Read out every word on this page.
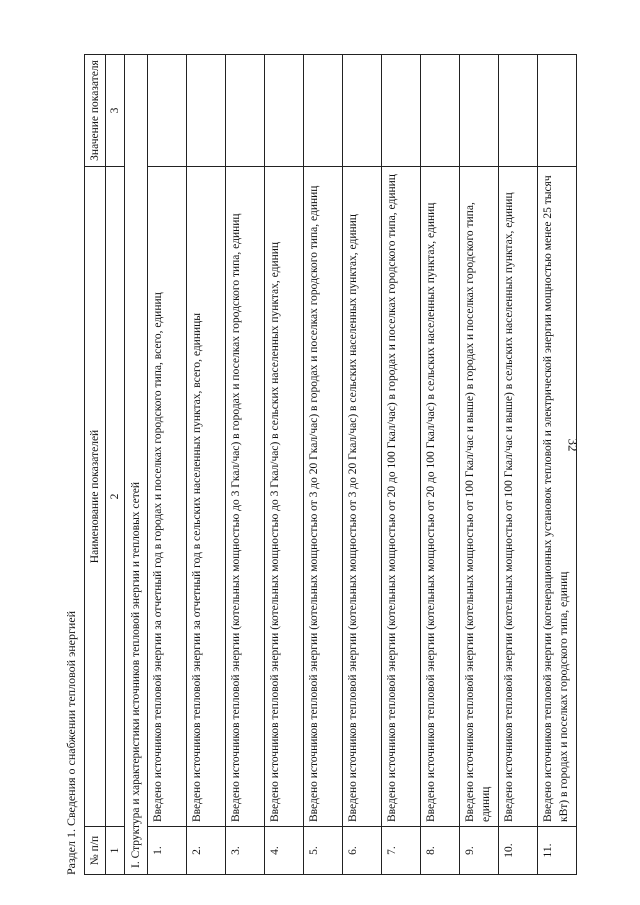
32
Раздел 1. Сведения о снабжении тепловой энергией № п/п	Наименование показателей	Значение показателя
1	2	3
I. Структура и характеристики источников тепловой энергии и тепловых сетей		
1.	Введено источников тепловой энергии за отчетный год в городах и поселках городского типа, всего, единиц	
2.	Введено источников тепловой энергии за отчетный год в сельских населенных пунктах, всего, единицы	
3.	Введено источников тепловой энергии (котельных мощностью до 3 Гкал/час) в городах и поселках городского типа, единиц	
4.	Введено источников тепловой энергии (котельных мощностью до 3 Гкал/час) в сельских населенных пунктах, единиц	
5.	Введено источников тепловой энергии (котельных мощностью от 3 до 20 Гкал/час) в городах и поселках городского типа, единиц	
6.	Введено источников тепловой энергии (котельных мощностью от 3 до 20 Гкал/час) в сельских населенных пунктах, единиц	
7.	Введено источников тепловой энергии (котельных мощностью от 20 до 100 Гкал/час) в городах и поселках городского типа, единиц	
8.	Введено источников тепловой энергии (котельных мощностью от 20 до 100 Гкал/час) в сельских населенных пунктах, единиц	
9.	Введено источников тепловой энергии (котельных мощностью от 100 Гкал/час и выше) в городах и поселках городского типа, единиц	
10.	Введено источников тепловой энергии (котельных мощностью от 100 Гкал/час и выше) в сельских населенных пунктах, единиц	
11.	Введено источников тепловой энергии (когенерационных установок тепловой и электрической энергии мощностью менее 25 тысяч кВт) в городах и поселках городского типа, единиц	
